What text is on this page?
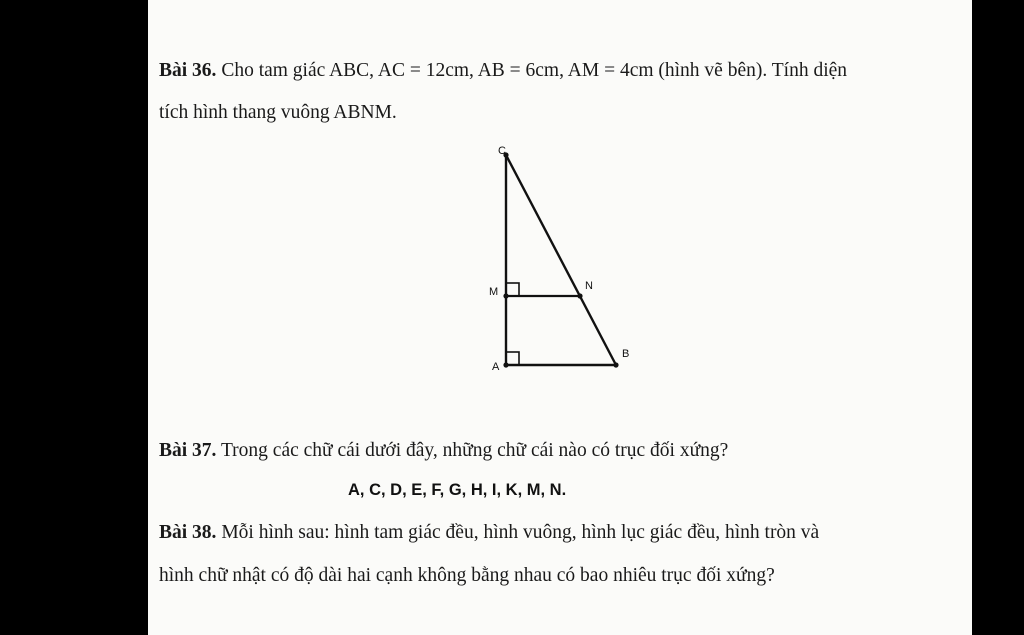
Bài 36. Cho tam giác ABC, AC = 12cm, AB = 6cm, AM = 4cm (hình vẽ bên). Tính diện
tích hình thang vuông ABNM.
C
M	N
A
B
Bài 37. Trong các chữ cái dưới đây, những chữ cái nào có trục đối xứng?
A, C, D, E, F, G, H, I, K, M, N.
Bài 38. Mỗi hình sau: hình tam giác đều, hình vuông, hình lục giác đều, hình tròn và
hình chữ nhật có độ dài hai cạnh không bằng nhau có bao nhiêu trục đối xứng?
